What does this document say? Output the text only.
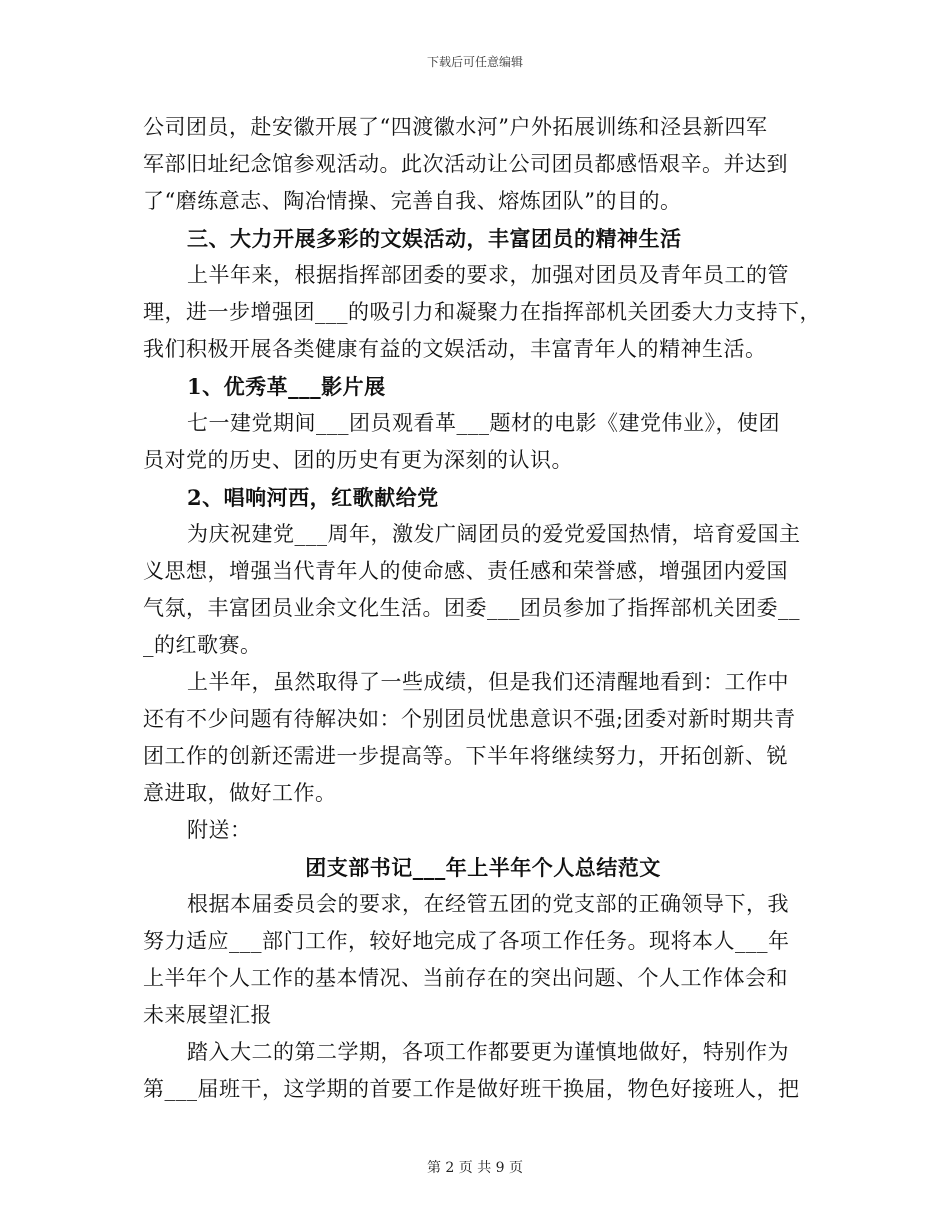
下载后可任意编辑
公司团员，赴安徽开展了“四渡徽水河”户外拓展训练和泾县新四军
军部旧址纪念馆参观活动。此次活动让公司团员都感悟艰辛。并达到
了“磨练意志、陶冶情操、完善自我、熔炼团队”的目的。
三、大力开展多彩的文娱活动，丰富团员的精神生活
上半年来，根据指挥部团委的要求，加强对团员及青年员工的管
理，进一步增强团___的吸引力和凝聚力在指挥部机关团委大力支持下，
我们积极开展各类健康有益的文娱活动，丰富青年人的精神生活。
1、优秀革___影片展
七一建党期间___团员观看革___题材的电影《建党伟业》，使团
员对党的历史、团的历史有更为深刻的认识。
2、唱响河西，红歌献给党
为庆祝建党___周年，激发广阔团员的爱党爱国热情，培育爱国主
义思想，增强当代青年人的使命感、责任感和荣誉感，增强团内爱国
气氛，丰富团员业余文化生活。团委___团员参加了指挥部机关团委__
_的红歌赛。
上半年，虽然取得了一些成绩，但是我们还清醒地看到：工作中
还有不少问题有待解决如：个别团员忧患意识不强;团委对新时期共青
团工作的创新还需进一步提高等。下半年将继续努力，开拓创新、锐
意进取，做好工作。
附送：
团支部书记___年上半年个人总结范文
根据本届委员会的要求，在经管五团的党支部的正确领导下，我
努力适应___部门工作，较好地完成了各项工作任务。现将本人___年
上半年个人工作的基本情况、当前存在的突出问题、个人工作体会和
未来展望汇报
踏入大二的第二学期，各项工作都要更为谨慎地做好，特别作为
第___届班干，这学期的首要工作是做好班干换届，物色好接班人，把
第 2 页 共 9 页
